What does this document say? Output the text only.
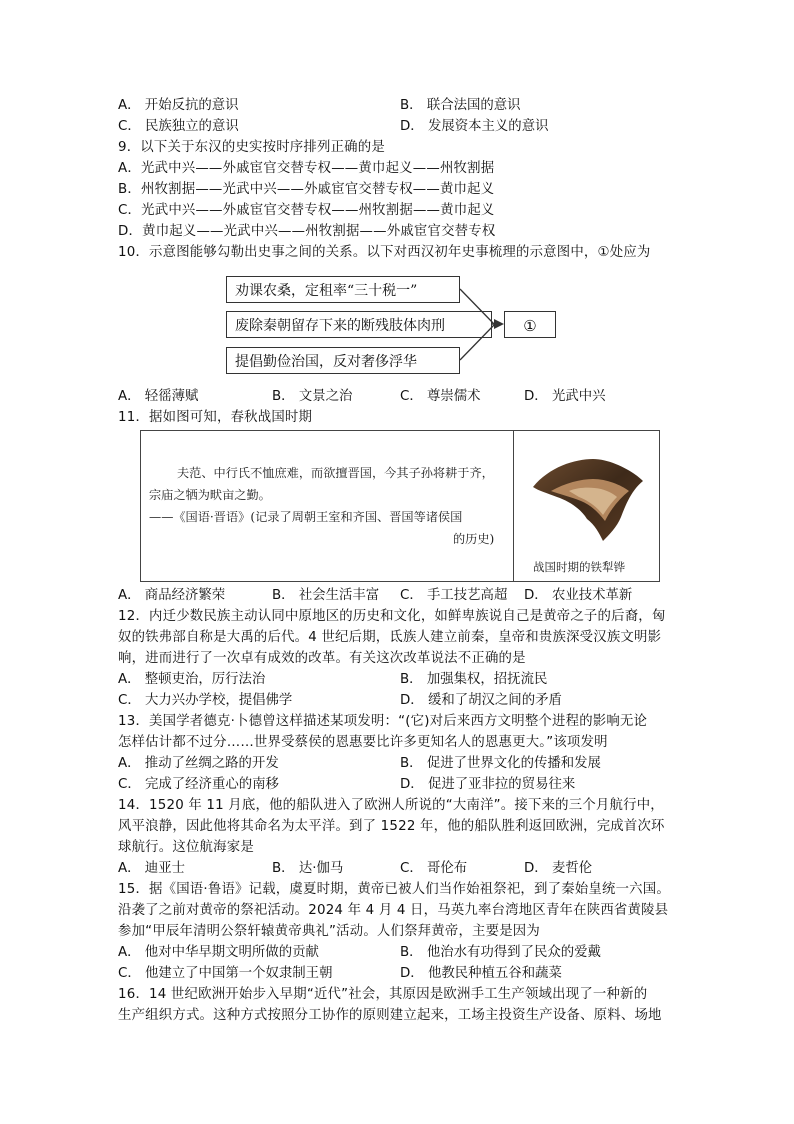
A． 开始反抗的意识	B． 联合法国的意识
C． 民族独立的意识	D． 发展资本主义的意识
9．以下关于东汉的史实按时序排列正确的是
A．光武中兴——外戚宦官交替专权——黄巾起义——州牧割据
B．州牧割据——光武中兴——外戚宦官交替专权——黄巾起义
C．光武中兴——外戚宦官交替专权——州牧割据——黄巾起义
D．黄巾起义——光武中兴——州牧割据——外戚宦官交替专权
10．示意图能够勾勒出史事之间的关系。以下对西汉初年史事梳理的示意图中，①处应为
劝课农桑，定租率“三十税一”
废除秦朝留存下来的断残肢体肉刑
提倡勤俭治国，反对奢侈浮华
①
A． 轻徭薄赋	B． 文景之治	C． 尊崇儒术	D． 光武中兴
11．据如图可知，春秋战国时期
夫范、中行氏不恤庶难，而欲擅晋国，今其子孙将耕于齐，
宗庙之牺为畎亩之勤。
——《国语·晋语》(记录了周朝王室和齐国、晋国等诸侯国
的历史)
战国时期的铁犁铧
A． 商品经济繁荣	B． 社会生活丰富 C． 手工技艺高超 D． 农业技术革新
12．内迁少数民族主动认同中原地区的历史和文化，如鲜卑族说自己是黄帝之子的后裔，匈
奴的铁弗部自称是大禹的后代。4 世纪后期，氐族人建立前秦，皇帝和贵族深受汉族文明影
响，进而进行了一次卓有成效的改革。有关这次改革说法不正确的是
A． 整顿吏治，厉行法治	B． 加强集权，招抚流民
C． 大力兴办学校，提倡佛学	D． 缓和了胡汉之间的矛盾
13．美国学者德克·卜德曾这样描述某项发明：“(它)对后来西方文明整个进程的影响无论
怎样估计都不过分……世界受蔡侯的恩惠要比许多更知名人的恩惠更大。”该项发明
A． 推动了丝绸之路的开发	B． 促进了世界文化的传播和发展
C． 完成了经济重心的南移	D． 促进了亚非拉的贸易往来
14．1520 年 11 月底，他的船队进入了欧洲人所说的“大南洋”。接下来的三个月航行中，
风平浪静，因此他将其命名为太平洋。到了 1522 年，他的船队胜利返回欧洲，完成首次环
球航行。这位航海家是
A． 迪亚士	B． 达·伽马	C． 哥伦布	D． 麦哲伦
15．据《国语·鲁语》记载，虞夏时期，黄帝已被人们当作始祖祭祀，到了秦始皇统一六国。
沿袭了之前对黄帝的祭祀活动。2024 年 4 月 4 日，马英九率台湾地区青年在陕西省黄陵县
参加“甲辰年清明公祭轩辕黄帝典礼”活动。人们祭拜黄帝，主要是因为
A． 他对中华早期文明所做的贡献	B． 他治水有功得到了民众的爱戴
C． 他建立了中国第一个奴隶制王朝	D． 他教民种植五谷和蔬菜
16．14 世纪欧洲开始步入早期“近代”社会，其原因是欧洲手工生产领域出现了一种新的
生产组织方式。这种方式按照分工协作的原则建立起来，工场主投资生产设备、原料、场地
